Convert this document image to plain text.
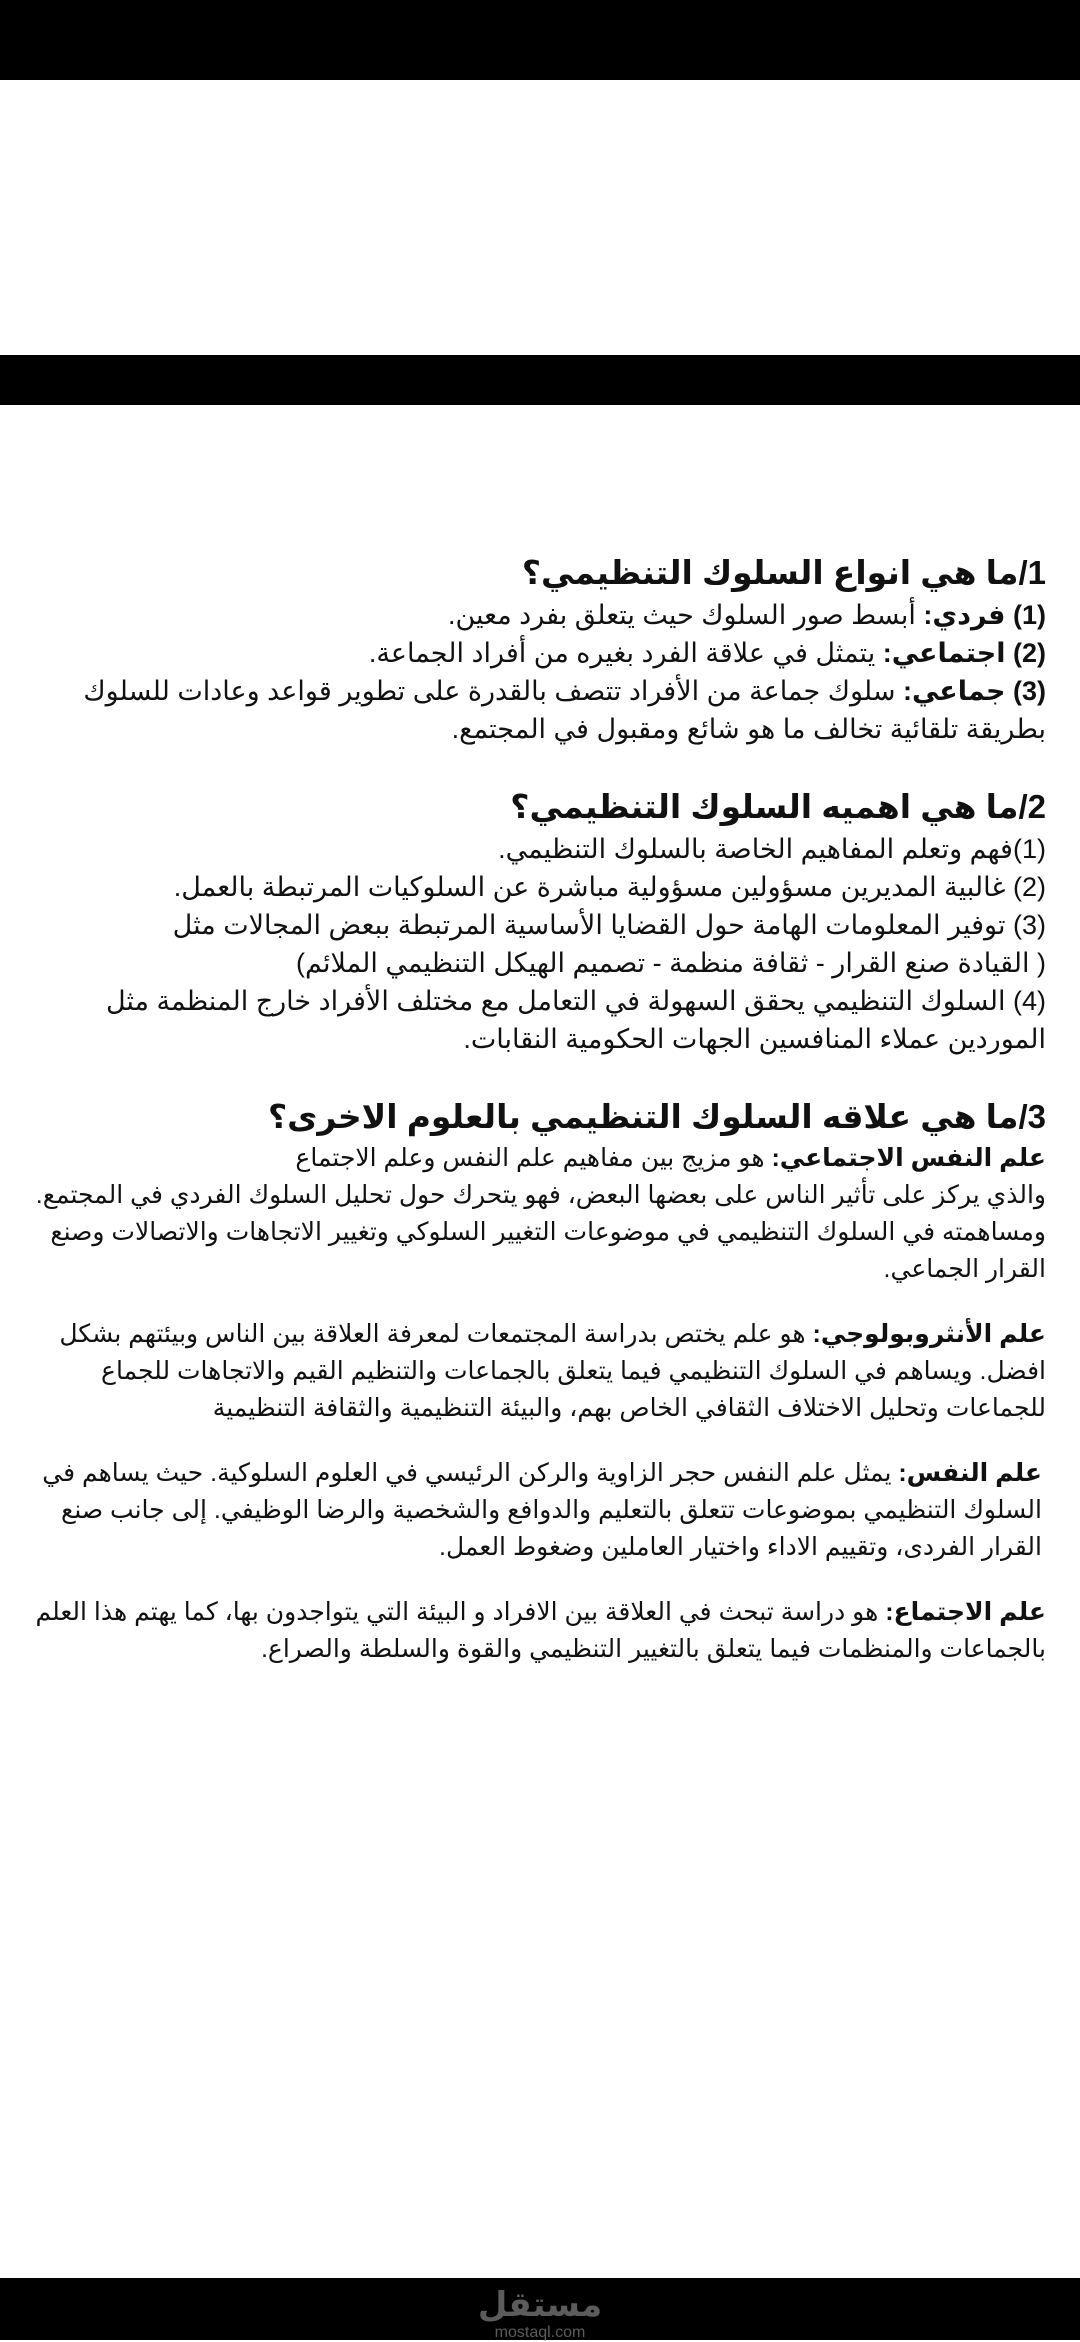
1/ما هي انواع السلوك التنظيمي؟

(1) فردي: أبسط صور السلوك حيث يتعلق بفرد معين.

(2) اجتماعي: يتمثل في علاقة الفرد بغيره من أفراد الجماعة.

(3) جماعي: سلوك جماعة من الأفراد تتصف بالقدرة على تطوير قواعد وعادات للسلوك بطريقة تلقائية تخالف ما هو شائع ومقبول في المجتمع.

2/ما هي اهميه السلوك التنظيمي؟

(1)فهم وتعلم المفاهيم الخاصة بالسلوك التنظيمي.

(2) غالبية المديرين مسؤولين مسؤولية مباشرة عن السلوكيات المرتبطة بالعمل.

(3) توفير المعلومات الهامة حول القضايا الأساسية المرتبطة ببعض المجالات مثل

( القيادة صنع القرار - ثقافة منظمة - تصميم الهيكل التنظيمي الملائم)

(4) السلوك التنظيمي يحقق السهولة في التعامل مع مختلف الأفراد خارج المنظمة مثل الموردين عملاء المنافسين الجهات الحكومية النقابات.

3/ما هي علاقه السلوك التنظيمي بالعلوم الاخرى؟

علم النفس الاجتماعي: هو مزيج بين مفاهيم علم النفس وعلم الاجتماع
والذي يركز على تأثير الناس على بعضها البعض، فهو يتحرك حول تحليل السلوك الفردي في المجتمع. ومساهمته في السلوك التنظيمي في موضوعات التغيير السلوكي وتغيير الاتجاهات والاتصالات وصنع القرار الجماعي.

علم الأنثروبولوجي: هو علم يختص بدراسة المجتمعات لمعرفة العلاقة بين الناس وبيئتهم بشكل افضل. ويساهم في السلوك التنظيمي فيما يتعلق بالجماعات والتنظيم القيم والاتجاهات للجماع للجماعات وتحليل الاختلاف الثقافي الخاص بهم، والبيئة التنظيمية والثقافة التنظيمية

علم النفس: يمثل علم النفس حجر الزاوية والركن الرئيسي في العلوم السلوكية. حيث يساهم في السلوك التنظيمي بموضوعات تتعلق بالتعليم والدوافع والشخصية والرضا الوظيفي. إلى جانب صنع القرار الفردى، وتقييم الاداء واختيار العاملين وضغوط العمل.

علم الاجتماع: هو دراسة تبحث في العلاقة بين الافراد و البيئة التي يتواجدون بها، كما يهتم هذا العلم بالجماعات والمنظمات فيما يتعلق بالتغيير التنظيمي والقوة والسلطة والصراع.

مستقل
mostaql.com
